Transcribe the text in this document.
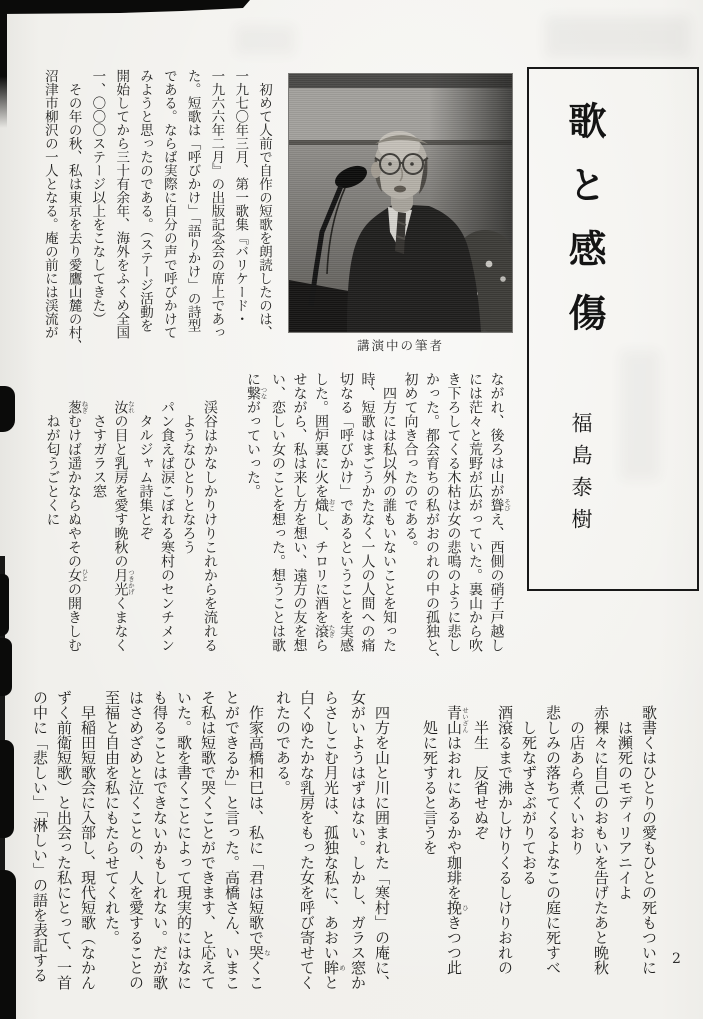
歌と感傷
福島泰樹
講演中の筆者
　初めて人前で自作の短歌を朗読したのは、
一九七〇年三月、第一歌集『バリケード・
一九六六年二月』の出版記念会の席上であっ
た。短歌は「呼びかけ」「語りかけ」の詩型
である。ならば実際に自分の声で呼びかけて
みようと思ったのである。（ステージ活動を
開始してから三十有余年、海外をふくめ全国
一、〇〇〇ステージ以上をこなしてきた）
　その年の秋、私は東京を去り愛鷹山麓の村、
沼津市柳沢の一人となる。庵の前には渓流が
ながれ、後ろは山が聳 そびえ、西側の硝子戸越し
には茫々と荒野が広がっていた。裏山から吹
き下ろしてくる木枯は女の悲鳴のように悲し
かった。都会育ちの私がおのれの中の孤独と、
初めて向き合ったのである。
　四方には私以外の誰もいないことを知った
時、短歌はまごうかたなく一人の人間への痛
切なる「呼びかけ」であるということを実感
した。囲炉裏に火を熾 おこし、チロリに酒を滾 たぎら
せながら、私は来し方を想い、遠方の友を想
い、恋しい女のことを想った。想うことは歌
に繋 つながっていった。

　　渓谷はかなしかりけりこれからを流れる
　　　ようなひとりとなろう
　　パン食えば涙こぼれる寒村のセンチメン
　　　タルジャム詩集とぞ
　　汝 なれの目と乳房を愛す晩秋の月光 つきかげくまなく
　　　さすガラス窓
　　葱 ねぎむけば遥かならぬやその女 ひとの開きしむ
　　　ねが匂うごとくに
　歌書くはひとりの愛もひとの死もついに
　　は瀕死のモディリアニイよ
　赤裸々に自己のおもいを告げたあと晩秋
　　の店あら煮くいおり
　悲しみの落ちてくるよなこの庭に死すべ
　　し死なずさぶがりておる
　酒滾るまで沸かしけりくるしけりおれの
　　半生　反省せぬぞ
　青山 せいざんはおれにあるかや珈琲を挽 ひきつつ此
　　処に死すると言うを

　四方を山と川に囲まれた「寒村」の庵に、
女がいようはずはない。しかし、ガラス窓か
らさしこむ月光は、孤独な私に、あおい眸 めと
白くゆたかな乳房をもった女を呼び寄せてく
れたのである。
　作家高橋和巳は、私に「君は短歌で哭 なくこ
とができるか」と言った。高橋さん、いまこ
そ私は短歌で哭くことができます、と応えて
いた。歌を書くことによって現実的にはなに
も得ることはできないかもしれない。だが歌
はさめざめと泣くことの、人を愛することの
至福と自由を私にもたらせてくれた。
　早稲田短歌会に入部し、現代短歌（なかん
ずく前衛短歌）と出会った私にとって、一首
の中に「悲しい」「淋しい」の語を表記する	2
